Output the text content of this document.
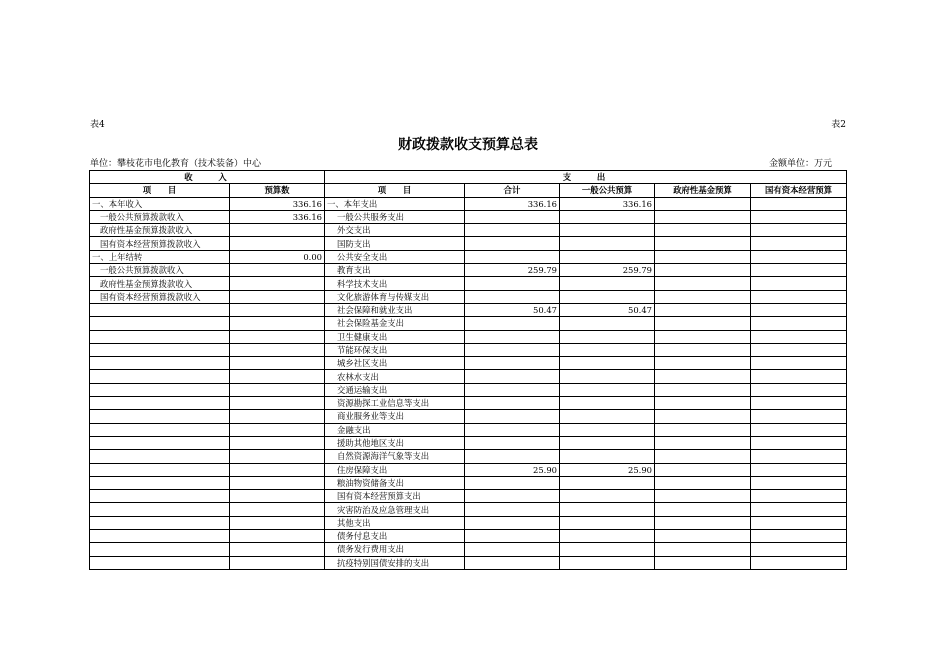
表4	表2
财政拨款收支预算总表
单位：攀枝花市电化教育（技术装备）中心	金额单位：万元
收　　入		支　　出				
项　　目	预算数	项　　目	合计	一般公共预算	政府性基金预算	国有资本经营预算
一、本年收入	336.16	一、本年支出	336.16	336.16		
一般公共预算拨款收入	336.16	一般公共服务支出				
政府性基金预算拨款收入		外交支出				
国有资本经营预算拨款收入		国防支出				
一、上年结转	0.00	公共安全支出				
一般公共预算拨款收入		教育支出	259.79	259.79		
政府性基金预算拨款收入		科学技术支出				
国有资本经营预算拨款收入		文化旅游体育与传媒支出				
		社会保障和就业支出	50.47	50.47		
		社会保险基金支出				
		卫生健康支出				
		节能环保支出				
		城乡社区支出				
		农林水支出				
		交通运输支出				
		资源勘探工业信息等支出				
		商业服务业等支出				
		金融支出				
		援助其他地区支出				
		自然资源海洋气象等支出				
		住房保障支出	25.90	25.90		
		粮油物资储备支出				
		国有资本经营预算支出				
		灾害防治及应急管理支出				
		其他支出				
		债务付息支出				
		债务发行费用支出				
		抗疫特别国债安排的支出				
